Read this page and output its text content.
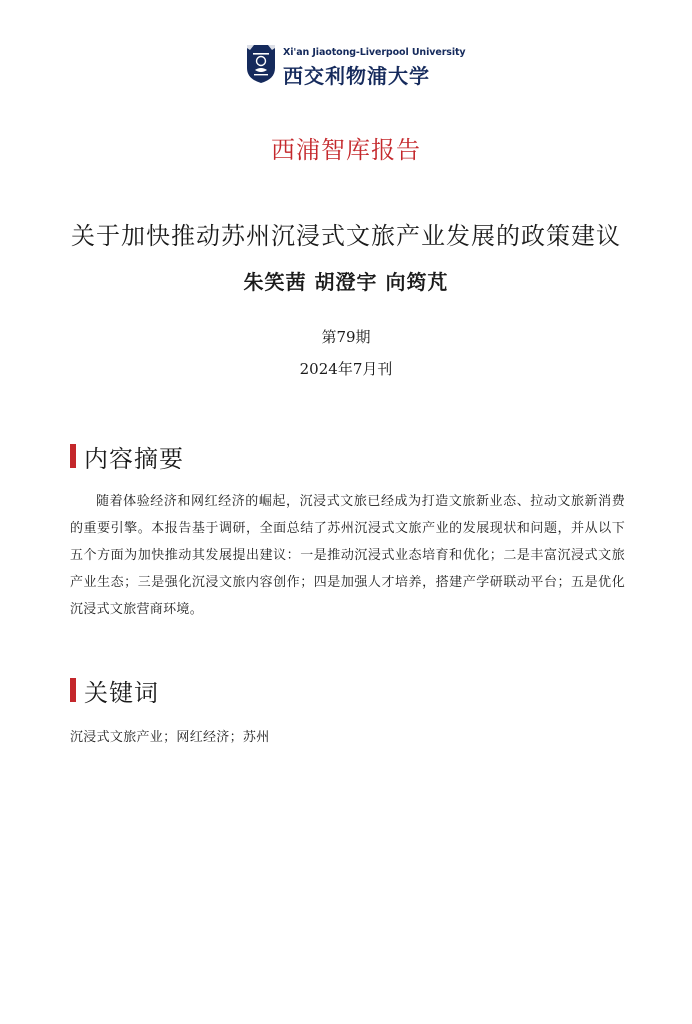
Xi'an Jiaotong-Liverpool University
西交利物浦大学
西浦智库报告
关于加快推动苏州沉浸式文旅产业发展的政策建议
朱笑茜 胡澄宇 向筠芃
第79期
2024年7月刊
内容摘要
随着体验经济和网红经济的崛起，沉浸式文旅已经成为打造文旅新业态、拉动文旅新消费的重要引擎。本报告基于调研，全面总结了苏州沉浸式文旅产业的发展现状和问题，并从以下五个方面为加快推动其发展提出建议：一是推动沉浸式业态培育和优化；二是丰富沉浸式文旅产业生态；三是强化沉浸文旅内容创作；四是加强人才培养，搭建产学研联动平台；五是优化沉浸式文旅营商环境。
关键词
沉浸式文旅产业；网红经济；苏州
